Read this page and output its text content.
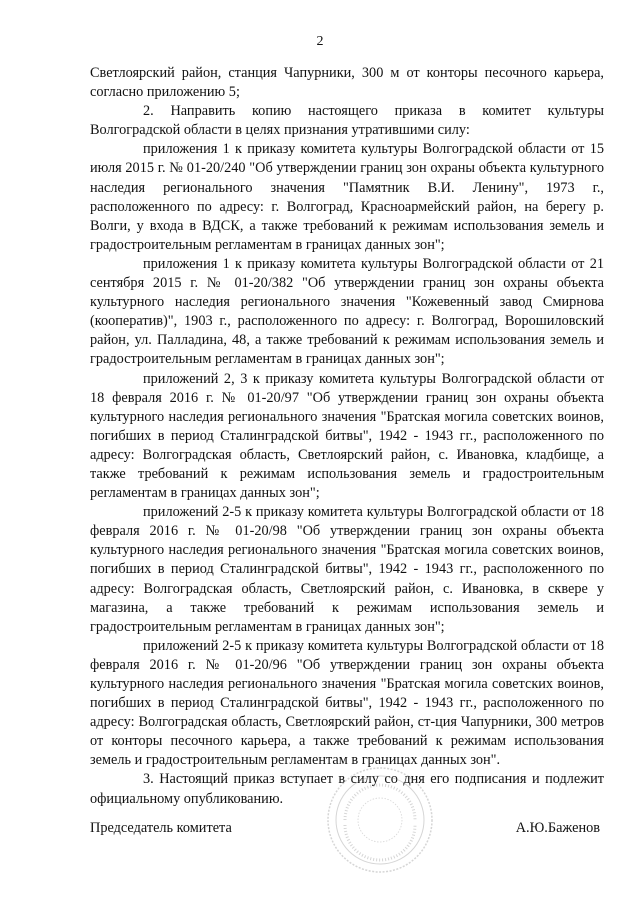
2

Светлоярский район, станция Чапурники, 300 м от конторы песочного карьера, согласно приложению 5;

2. Направить копию настоящего приказа в комитет культуры Волгоградской области в целях признания утратившими силу:

приложения 1 к приказу комитета культуры Волгоградской области от 15 июля 2015 г. № 01-20/240 "Об утверждении границ зон охраны объекта культурного наследия регионального значения "Памятник В.И. Ленину", 1973 г., расположенного по адресу: г. Волгоград, Красноармейский район, на берегу р. Волги, у входа в ВДСК, а также требований к режимам использования земель и градостроительным регламентам в границах данных зон";

приложения 1 к приказу комитета культуры Волгоградской области от 21 сентября 2015 г. № 01-20/382 "Об утверждении границ зон охраны объекта культурного наследия регионального значения "Кожевенный завод Смирнова (кооператив)", 1903 г., расположенного по адресу: г. Волгоград, Ворошиловский район, ул. Палладина, 48, а также требований к режимам использования земель и градостроительным регламентам в границах данных зон";

приложений 2, 3 к приказу комитета культуры Волгоградской области от 18 февраля 2016 г. № 01-20/97 "Об утверждении границ зон охраны объекта культурного наследия регионального значения "Братская могила советских воинов, погибших в период Сталинградской битвы", 1942 - 1943 гг., расположенного по адресу: Волгоградская область, Светлоярский район, с. Ивановка, кладбище, а также требований к режимам использования земель и градостроительным регламентам в границах данных зон";

приложений 2-5 к приказу комитета культуры Волгоградской области от 18 февраля 2016 г. № 01-20/98 "Об утверждении границ зон охраны объекта культурного наследия регионального значения "Братская могила советских воинов, погибших в период Сталинградской битвы", 1942 - 1943 гг., расположенного по адресу: Волгоградская область, Светлоярский район, с. Ивановка, в сквере у магазина, а также требований к режимам использования земель и градостроительным регламентам в границах данных зон";

приложений 2-5 к приказу комитета культуры Волгоградской области от 18 февраля 2016 г. № 01-20/96 "Об утверждении границ зон охраны объекта культурного наследия регионального значения "Братская могила советских воинов, погибших в период Сталинградской битвы", 1942 - 1943 гг., расположенного по адресу: Волгоградская область, Светлоярский район, ст-ция Чапурники, 300 метров от конторы песочного карьера, а также требований к режимам использования земель и градостроительным регламентам в границах данных зон".

3. Настоящий приказ вступает в силу со дня его подписания и подлежит официальному опубликованию.

Председатель комитета	А.Ю.Баженов
